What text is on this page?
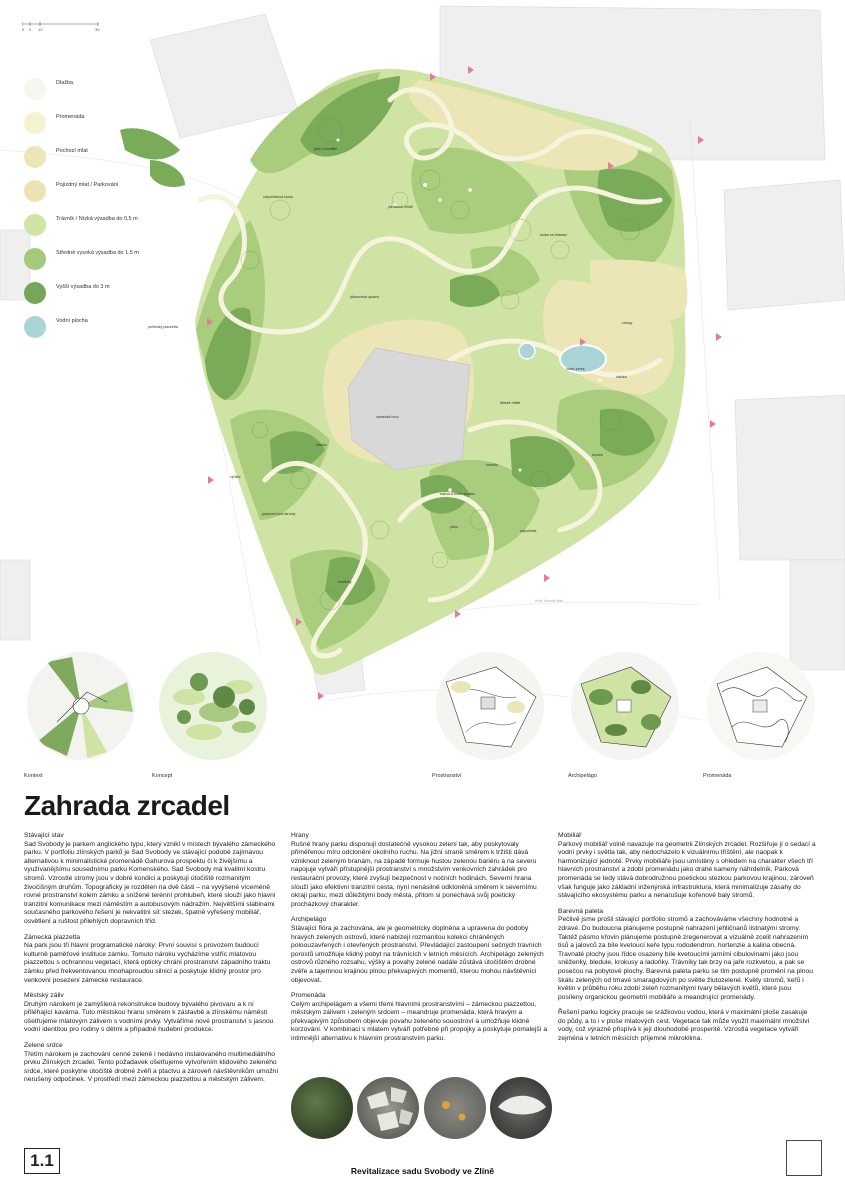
0 5 10	30
ptačí hnízdiště
odpočinková louka
piknikové hřiště
louka na relaxaci
plánovaná úprava
dětské hřiště
vodní prvek
zátoka
dvorek
krmítko
stavba
posezení pod stromy
ostrůvky
odpočinek
poltreský piazzetta
pítko
kašna a vodní zrcadlo
zámecká hora
vstupy
výhled
třída Tomáše Bati
Dlažba
Promenáda
Pochozí mlat
Pojízdný mlat / Parkování
Trávník / Nízká výsadba do 0,5 m
Středně vysoká výsadba do 1,5 m
Vyšší výsadba do 3 m
Vodní plocha
Kontext	Koncept	Prostranství	Archipelágo	Promenáda
Zahrada zrcadel
Stávající stav
Sad Svobody je parkem anglického typu, který vznikl v místech bývalého zámeckého parku. V portfoliu zlínských parků je Sad Svobody ve stávající podobě zajímavou alternativou k minimalistické promenádě Gahurova prospektu či k živějšímu a využívanějšímu sousednímu parku Komenského. Sad Svobody má kvalitní kostru stromů. Vzrostlé stromy jsou v dobré kondici a poskytují útočiště rozmanitým živočišným druhům. Topograficky je rozdělen na dvě části – na vyvýšené víceméně rovné prostranství kolem zámku a snížené terénní prohlubeň, které slouží jako hlavní tranzitní komunikace mezi náměstím a autobusovým nádražím. Největšími slabinami současného parkového řešení je nekvalitní síť stezek, špatně vyřešený mobiliář, osvětlení a ruštost přilehlých dopravních tříd.
Zámecká piazzetta
Na park jsou tři hlavní programatické nároky: První souvisí s provozem budoucí kulturně paměťové instituce zámku. Tomuto nároku vycházíme vstříc mlatovou piazzettou s ochrannou vegetací, která opticky chrání prostranství západního traktu zámku před frekventovanou mnohaproudou silnicí a poskytuje klidný prostor pro venkovní posezení zámecké restaurace.
Městský záliv
Druhým nárokem je zamýšlená rekonstrukce budovy bývalého pivovaru a k ní přiléhající kavárna. Tuto městskou hranu směrem k zástavbě a zlínskému náměstí ošetřujeme mlatovým zálivem s vodními prvky. Vytváříme nové prostranství s jasnou vodní identitou pro rodiny s dětmi a případné hudební produkce.
Zelené srdce
Třetím nárokem je zachování cenné zeleně i nedávno instalovaného multimediálního prvku Zlínských zrcadel. Tento požadavek ošetřujeme vytvořením klidového zeleného srdce, které poskytne útočiště drobné zvěři a ptactvu a zároveň návštěvníkům umožní nerušený odpočinek. V prostředí mezi zámeckou piazzettou a městským zálivem.
Hrany
Rušné hrany parku disponují dostatečně vysokou zelení tak, aby poskytovaly přiměřenou míru odclonění okolního ruchu. Na jižní straně směrem k tržišti dává vzniknout zeleným branám, na západě formuje hustou zelenou bariéru a na severu napojuje vytváří přístupnější prostranství s množstvím venkovních zahrádek pro restaurační provozy, které zvyšují bezpečnost v nočních hodinách. Severní hrana slouží jako efektivní tranzitní cesta, nyní nenásilně odkloněná směrem k severnímu okraji parku, mezi důležitými body města, přitom si ponechává svůj poetický procházkový charakter.
Archipelágo
Stávající flóra je zachována, ale je geometricky doplněna a upravena do podoby hravých zelených ostrovů, které nabízejí rozmanitou kolekci chráněných poloouzavřených i otevřených prostranství. Převládající zastoupení sečných travních porostů umožňuje klidný pobyt na trávnících v letních měsících. Archipelágo zelených ostrovů různého rozsahu, výšky a povahy zelené nadále zůstává útočištěm drobné zvěře a tajemnou krajinou plnou překvapivých momentů, kterou mohou návštěvníci objevovat.
Promenáda
Celým archipelágem a všemi třemi hlavními prostranstvími – zámeckou piazzettou, městským zálivem i zeleným srdcem – meandruje promenáda, která hravým a překvapivým způsobem objevuje povahu zeleného souostroví a umožňuje klidné korzování. V kombinaci s mlatem vytváří potřebné při propojky a poskytuje pomalejší a intimnější alternativu k hlavním prostranstvím parku.
Mobiliář
Parkový mobiliář volně navazuje na geometrii Zlínských zrcadel. Rozšiřuje jí o sedací a vodní prvky i světla tak, aby nedocházelo k vizuálnímu tříštění, ale naopak k harmonizující jednotě. Prvky mobiliáře jsou umístěny s ohledem na charakter všech tří hlavních prostranství a zdobí promenádu jako drahé kameny náhrdelník. Parková promenáda se tedy stává dobrodružnou poetickou stezkou parkovou krajinou, zároveň však funguje jako základní inženýrská infrastruktura, která minimalizuje zásahy do stávajícího ekosystému parku a nenarušuje kořenové baly stromů.
Barevná paleta
Pečlivě jsme prošli stávající portfolio stromů a zachováváme všechny hodnotné a zdravé. Do budoucna plánujeme postupné nahrazení jehličnanů listnatými stromy. Taktéž pásmo křovin plánujeme postupně zregenerovat a vizuálně zcelit nahrazením tisů a jalovců za bíle kvetoucí keře typu rododendron, hortenzie a kalina obecná. Travnaté plochy jsou řídce osazeny bíle kvetoucími jarními cibulovinami jako jsou sněženky, bledule, krokusy a ladoňky. Trávníky tak brzy na jaře rozkvetou, a pak se posečou na pobytové plochy. Barevná paleta parku se tím postupně promění na plnou škálu zelených od tmavé smaragdových po světle žlutozelené. Květy stromů, keřů i květin v průběhu roku zdobí zeleň rozmanitými tvary bělavých květů, které jsou posíleny organickou geometrií mobiliáře a meandrující promenády.
Řešení parku logicky pracuje se srážkovou vodou, která v maximální ploše zasakuje do půdy, a to i v ploše mlatových cest. Vegetace tak může využít maximální množství vody, což výrazně přispívá k její dlouhodobé prosperitě. Vzrostlá vegetace vytváří zejména v letních měsících příjemné mikroklima.
1.1
Revitalizace sadu Svobody ve Zlíně
